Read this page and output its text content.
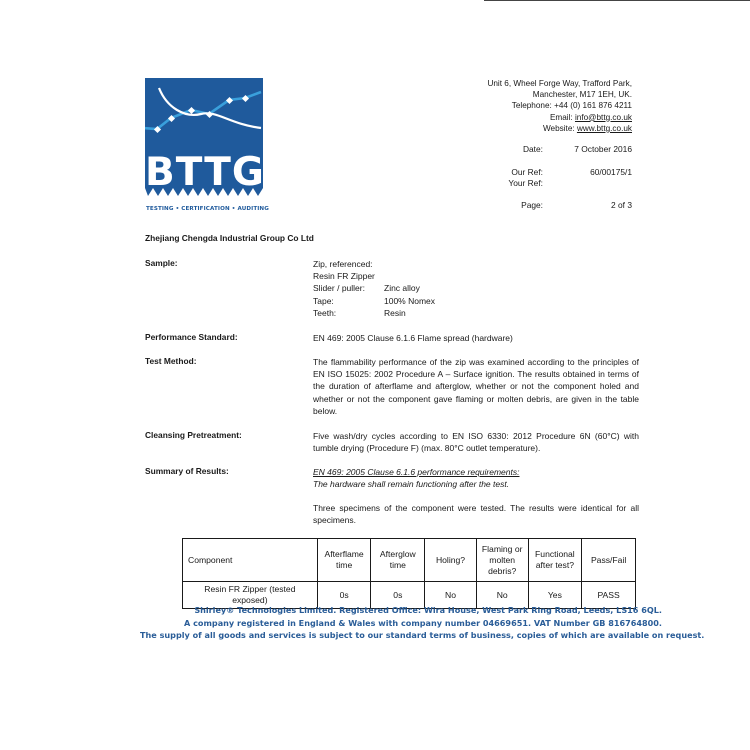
BTTG
TESTING • CERTIFICATION • AUDITING
Unit 6, Wheel Forge Way, Trafford Park,
Manchester, M17 1EH, UK.
Telephone: +44 (0) 161 876 4211
Email: info@bttg.co.uk
Website: www.bttg.co.uk
Date:	7 October 2016
Our Ref:	60/00175/1
Your Ref:
Page:	2 of 3
Zhejiang Chengda Industrial Group Co Ltd
Sample:	Zip, referenced:
Resin FR Zipper
Slider / puller:	Zinc alloy
Tape:	100% Nomex
Teeth:	Resin
Performance Standard:	EN 469: 2005 Clause 6.1.6 Flame spread (hardware)
Test Method:	The flammability performance of the zip was examined according to the principles of EN ISO 15025: 2002 Procedure A – Surface ignition. The results obtained in terms of the duration of afterflame and afterglow, whether or not the component holed and whether or not the component gave flaming or molten debris, are given in the table below.
Cleansing Pretreatment:	Five wash/dry cycles according to EN ISO 6330: 2012 Procedure 6N (60°C) with tumble drying (Procedure F) (max. 80°C outlet temperature).
Summary of Results:	EN 469: 2005 Clause 6.1.6 performance requirements:
The hardware shall remain functioning after the test.
Three specimens of the component were tested. The results were identical for all specimens.
Component	Afterflame time	Afterglow time	Holing?	Flaming or molten debris?	Functional after test?	Pass/Fail
Resin FR Zipper (tested exposed)	0s	0s	No	No	Yes	PASS
Shirley® Technologies Limited. Registered Office: Wira House, West Park Ring Road, Leeds, LS16 6QL.
A company registered in England & Wales with company number 04669651. VAT Number GB 816764800.
The supply of all goods and services is subject to our standard terms of business, copies of which are available on request.
